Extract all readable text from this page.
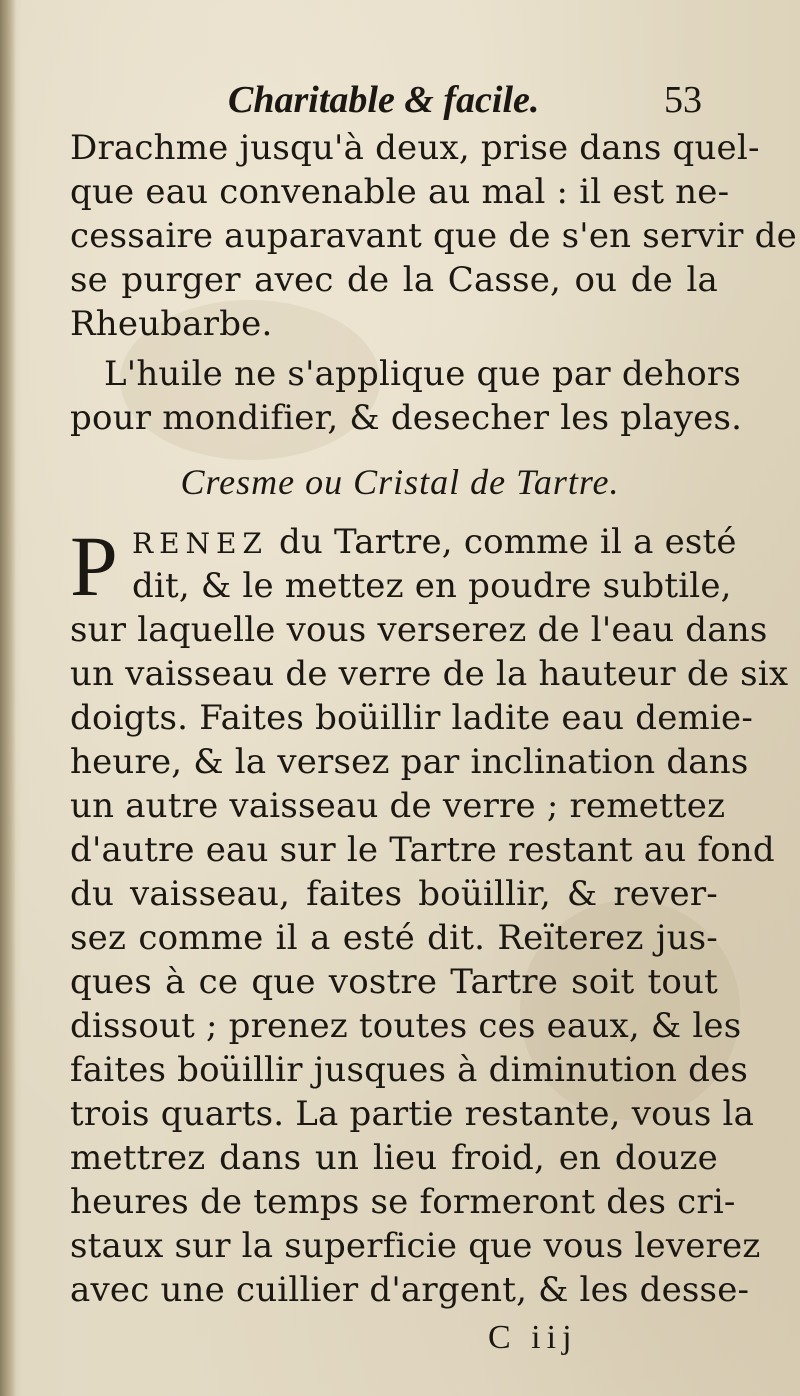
Charitable & facile.	53
Drachme jusqu'à deux, prise dans quel-
que eau convenable au mal : il est ne-
cessaire auparavant que de s'en servir de
se purger avec de la Casse, ou de la
Rheubarbe.
L'huile ne s'applique que par dehors
pour mondifier, & desecher les playes.
Cresme ou Cristal de Tartre.
P RENEZ du Tartre, comme il a esté
dit, & le mettez en poudre subtile,
sur laquelle vous verserez de l'eau dans
un vaisseau de verre de la hauteur de six
doigts. Faites boüillir ladite eau demie-
heure, & la versez par inclination dans
un autre vaisseau de verre ; remettez
d'autre eau sur le Tartre restant au fond
du vaisseau, faites boüillir, & rever-
sez comme il a esté dit. Reïterez jus-
ques à ce que vostre Tartre soit tout
dissout ; prenez toutes ces eaux, & les
faites boüillir jusques à diminution des
trois quarts. La partie restante, vous la
mettrez dans un lieu froid, en douze
heures de temps se formeront des cri-
staux sur la superficie que vous leverez
avec une cuillier d'argent, & les desse-
C iij
